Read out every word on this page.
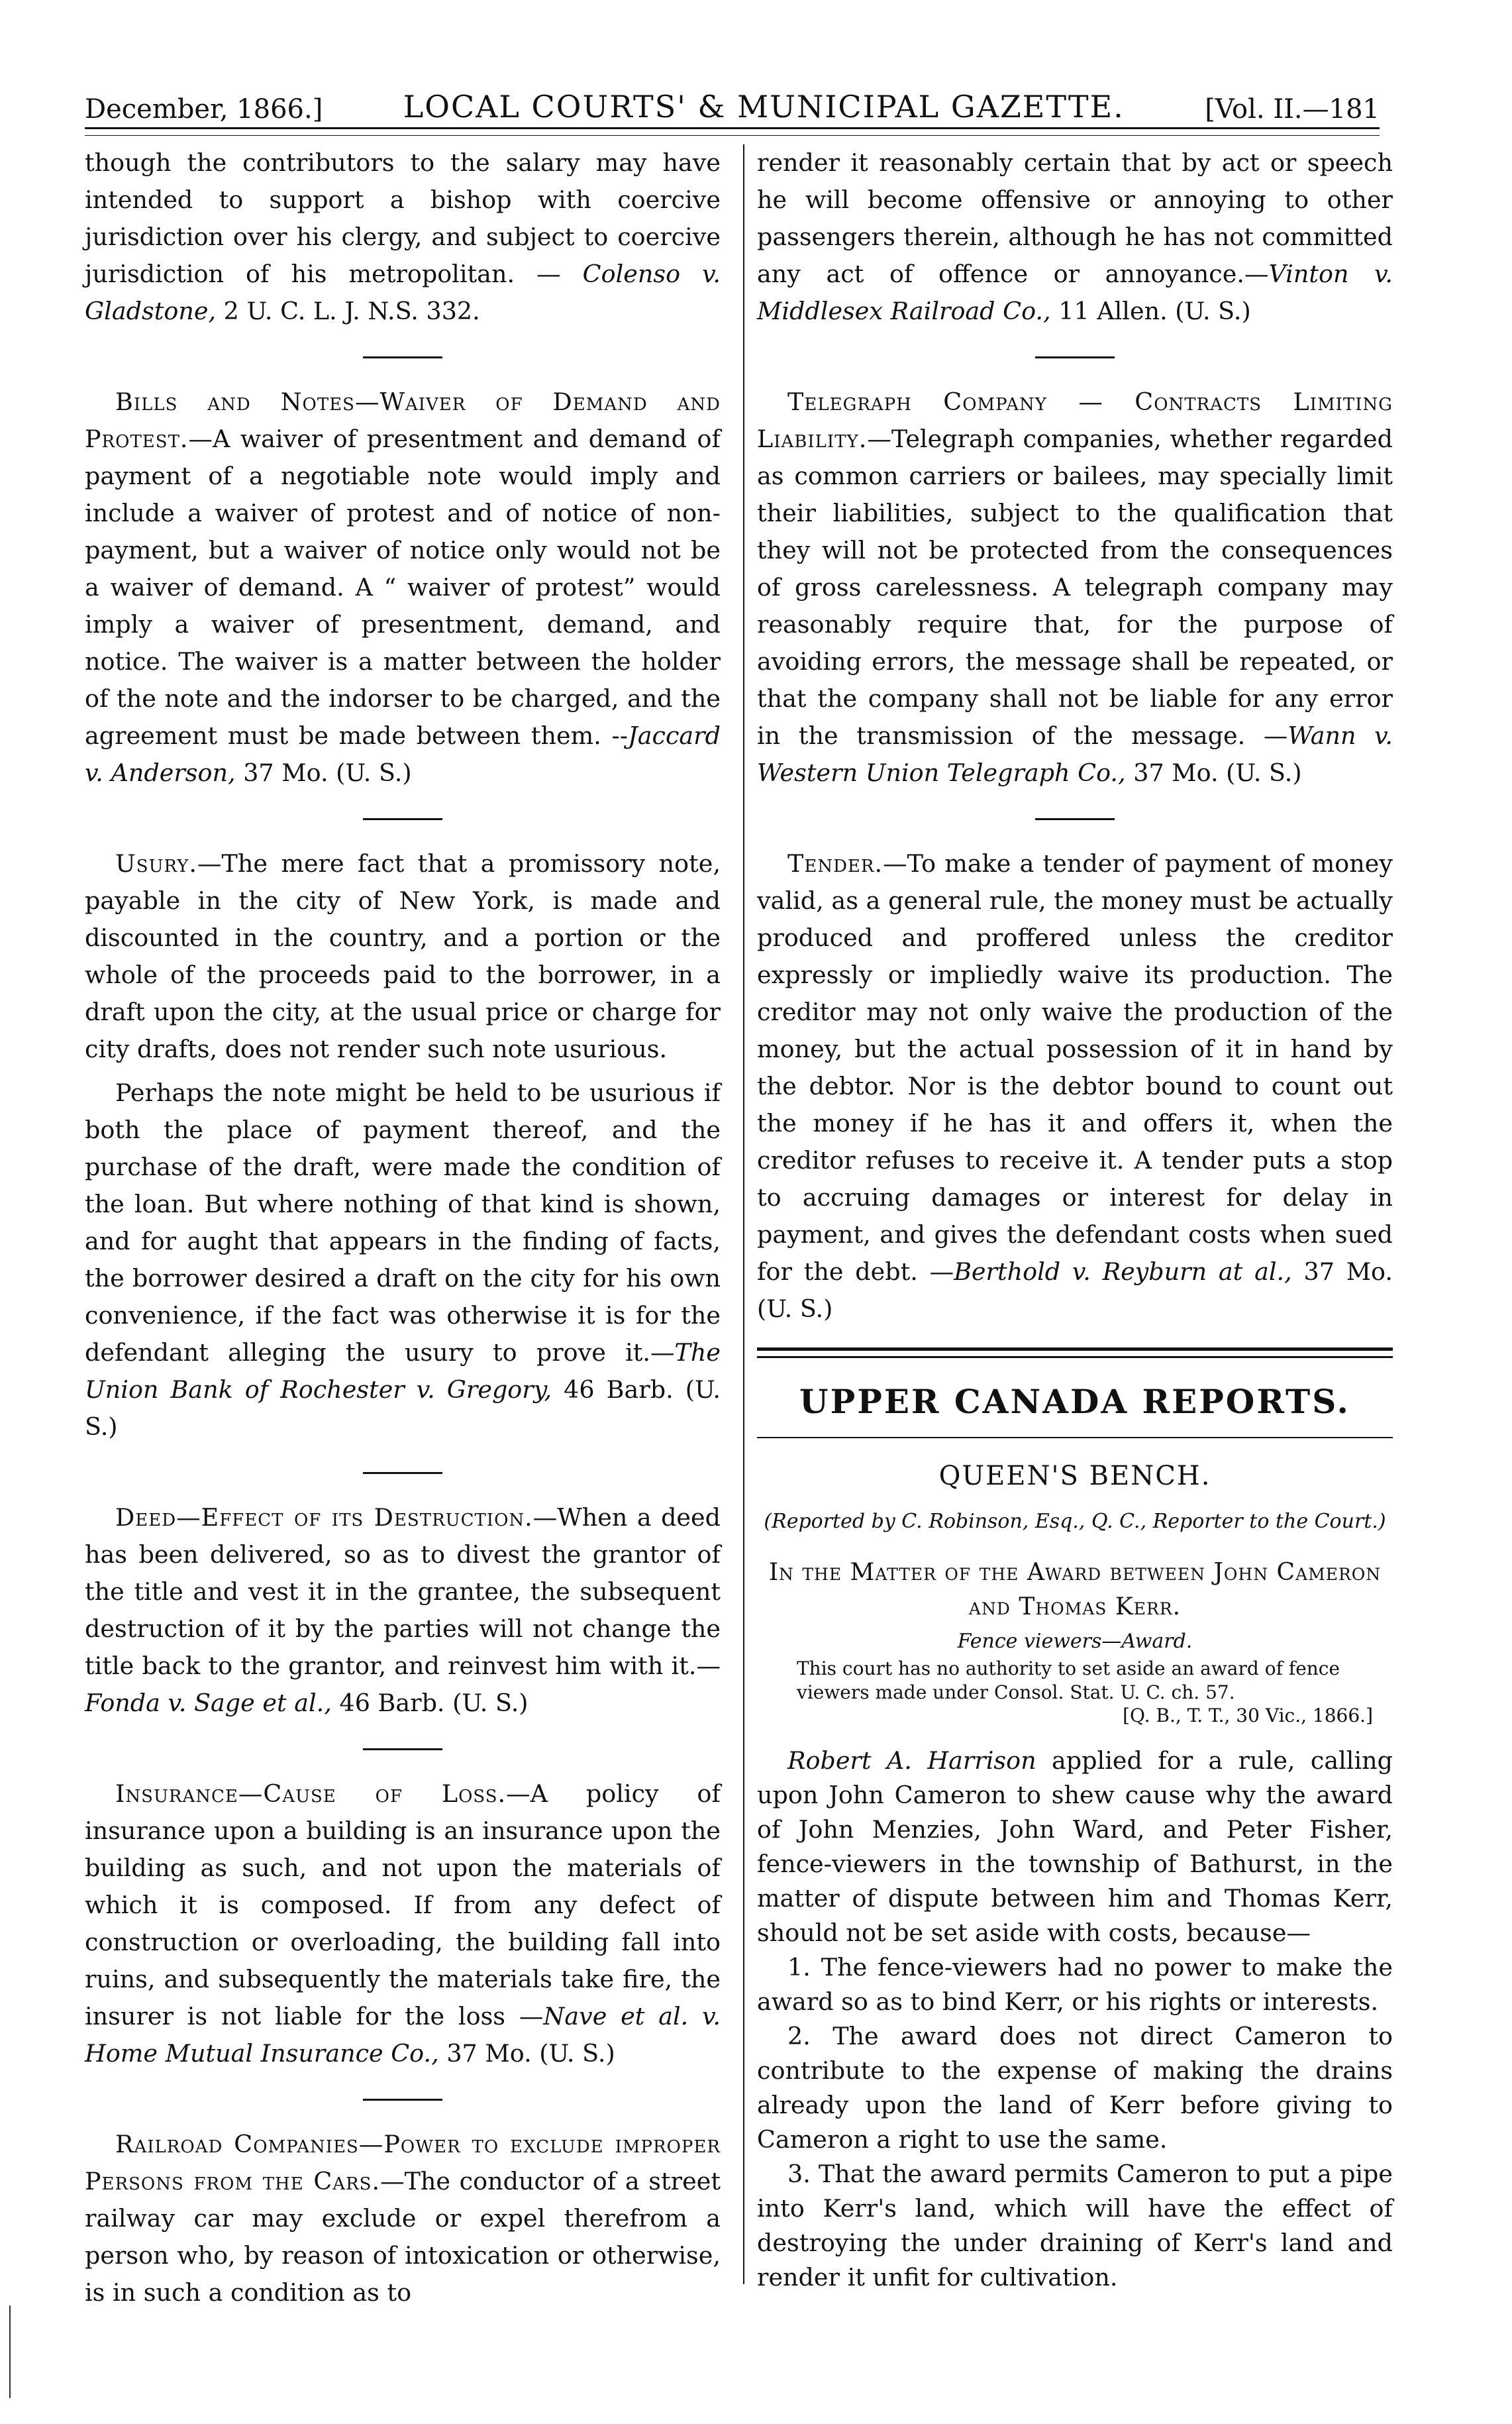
December, 1866.]	LOCAL COURTS' & MUNICIPAL GAZETTE.	[Vol. II.—181

though the contributors to the salary may have intended to support a bishop with coercive jurisdiction over his clergy, and subject to coercive jurisdiction of his metropolitan. — Colenso v. Gladstone, 2 U. C. L. J. N.S. 332.

Bills and Notes—Waiver of Demand and Protest.—A waiver of presentment and demand of payment of a negotiable note would imply and include a waiver of protest and of notice of non-payment, but a waiver of notice only would not be a waiver of demand. A “ waiver of protest” would imply a waiver of presentment, demand, and notice. The waiver is a matter between the holder of the note and the indorser to be charged, and the agreement must be made between them. --Jaccard v. Anderson, 37 Mo. (U. S.)

Usury.—The mere fact that a promissory note, payable in the city of New York, is made and discounted in the country, and a portion or the whole of the proceeds paid to the borrower, in a draft upon the city, at the usual price or charge for city drafts, does not render such note usurious.

Perhaps the note might be held to be usurious if both the place of payment thereof, and the purchase of the draft, were made the condition of the loan. But where nothing of that kind is shown, and for aught that appears in the finding of facts, the borrower desired a draft on the city for his own convenience, if the fact was otherwise it is for the defendant alleging the usury to prove it.—The Union Bank of Rochester v. Gregory, 46 Barb. (U. S.)

Deed—Effect of its Destruction.—When a deed has been delivered, so as to divest the grantor of the title and vest it in the grantee, the subsequent destruction of it by the parties will not change the title back to the grantor, and reinvest him with it.—Fonda v. Sage et al., 46 Barb. (U. S.)

Insurance—Cause of Loss.—A policy of insurance upon a building is an insurance upon the building as such, and not upon the materials of which it is composed. If from any defect of construction or overloading, the building fall into ruins, and subsequently the materials take fire, the insurer is not liable for the loss —Nave et al. v. Home Mutual Insurance Co., 37 Mo. (U. S.)

Railroad Companies—Power to exclude improper Persons from the Cars.—The conductor of a street railway car may exclude or expel therefrom a person who, by reason of intoxication or otherwise, is in such a condition as to

render it reasonably certain that by act or speech he will become offensive or annoying to other passengers therein, although he has not committed any act of offence or annoyance.—Vinton v. Middlesex Railroad Co., 11 Allen. (U. S.)

Telegraph Company — Contracts Limiting Liability.—Telegraph companies, whether regarded as common carriers or bailees, may specially limit their liabilities, subject to the qualification that they will not be protected from the consequences of gross carelessness. A telegraph company may reasonably require that, for the purpose of avoiding errors, the message shall be repeated, or that the company shall not be liable for any error in the transmission of the message. —Wann v. Western Union Telegraph Co., 37 Mo. (U. S.)

Tender.—To make a tender of payment of money valid, as a general rule, the money must be actually produced and proffered unless the creditor expressly or impliedly waive its production. The creditor may not only waive the production of the money, but the actual possession of it in hand by the debtor. Nor is the debtor bound to count out the money if he has it and offers it, when the creditor refuses to receive it. A tender puts a stop to accruing damages or interest for delay in payment, and gives the defendant costs when sued for the debt. —Berthold v. Reyburn at al., 37 Mo. (U. S.)

UPPER CANADA REPORTS.
QUEEN'S BENCH.
(Reported by C. Robinson, Esq., Q. C., Reporter to the Court.)
In the Matter of the Award between John Cameron and Thomas Kerr.
Fence viewers—Award.
This court has no authority to set aside an award of fence viewers made under Consol. Stat. U. C. ch. 57.
[Q. B., T. T., 30 Vic., 1866.]

Robert A. Harrison applied for a rule, calling upon John Cameron to shew cause why the award of John Menzies, John Ward, and Peter Fisher, fence-viewers in the township of Bathurst, in the matter of dispute between him and Thomas Kerr, should not be set aside with costs, because—

1. The fence-viewers had no power to make the award so as to bind Kerr, or his rights or interests.

2. The award does not direct Cameron to contribute to the expense of making the drains already upon the land of Kerr before giving to Cameron a right to use the same.

3. That the award permits Cameron to put a pipe into Kerr's land, which will have the effect of destroying the under draining of Kerr's land and render it unfit for cultivation.
